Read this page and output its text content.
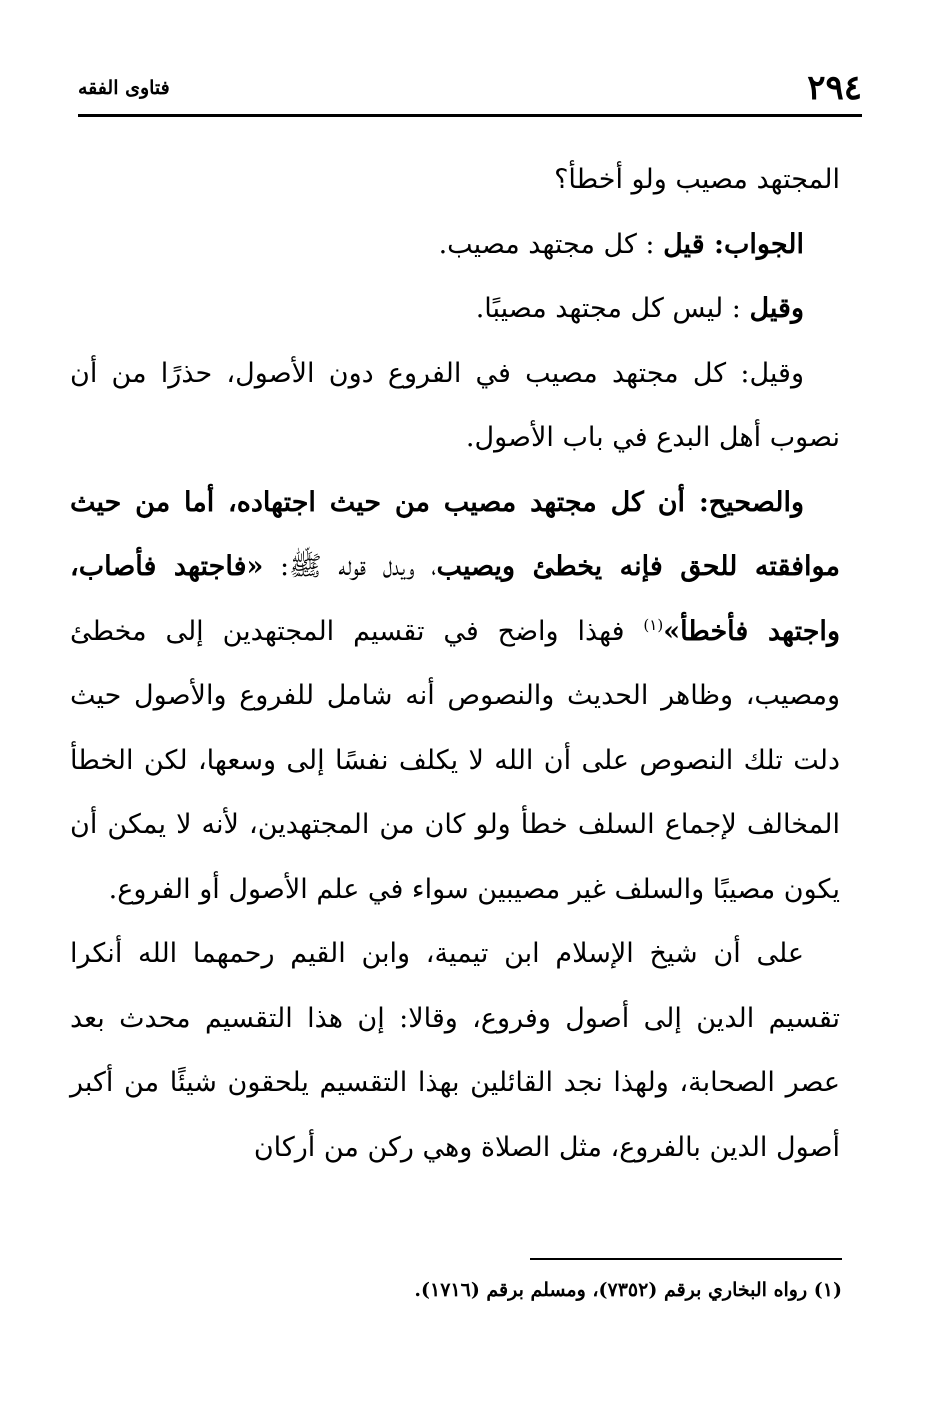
٢٩٤
فتاوى الفقه

المجتهد مصيب ولو أخطأ؟

الجواب: قيل : كل مجتهد مصيب.

وقيل : ليس كل مجتهد مصيبًا.

وقيل: كل مجتهد مصيب في الفروع دون الأصول، حذرًا من أن نصوب أهل البدع في باب الأصول.

والصحيح: أن كل مجتهد مصيب من حيث اجتهاده، أما من حيث موافقته للحق فإنه يخطئ ويصيب، ويدل قوله ﷺ: «فاجتهد فأصاب، واجتهد فأخطأ»$^{(١)}$ فهذا واضح في تقسيم المجتهدين إلى مخطئ ومصيب، وظاهر الحديث والنصوص أنه شامل للفروع والأصول حيث دلت تلك النصوص على أن الله لا يكلف نفسًا إلى وسعها، لكن الخطأ المخالف لإجماع السلف خطأ ولو كان من المجتهدين، لأنه لا يمكن أن يكون مصيبًا والسلف غير مصيبين سواء في علم الأصول أو الفروع.

على أن شيخ الإسلام ابن تيمية، وابن القيم رحمهما الله أنكرا تقسيم الدين إلى أصول وفروع، وقالا: إن هذا التقسيم محدث بعد عصر الصحابة، ولهذا نجد القائلين بهذا التقسيم يلحقون شيئًا من أكبر أصول الدين بالفروع، مثل الصلاة وهي ركن من أركان

(١) رواه البخاري برقم (٧٣٥٢)، ومسلم برقم (١٧١٦).
